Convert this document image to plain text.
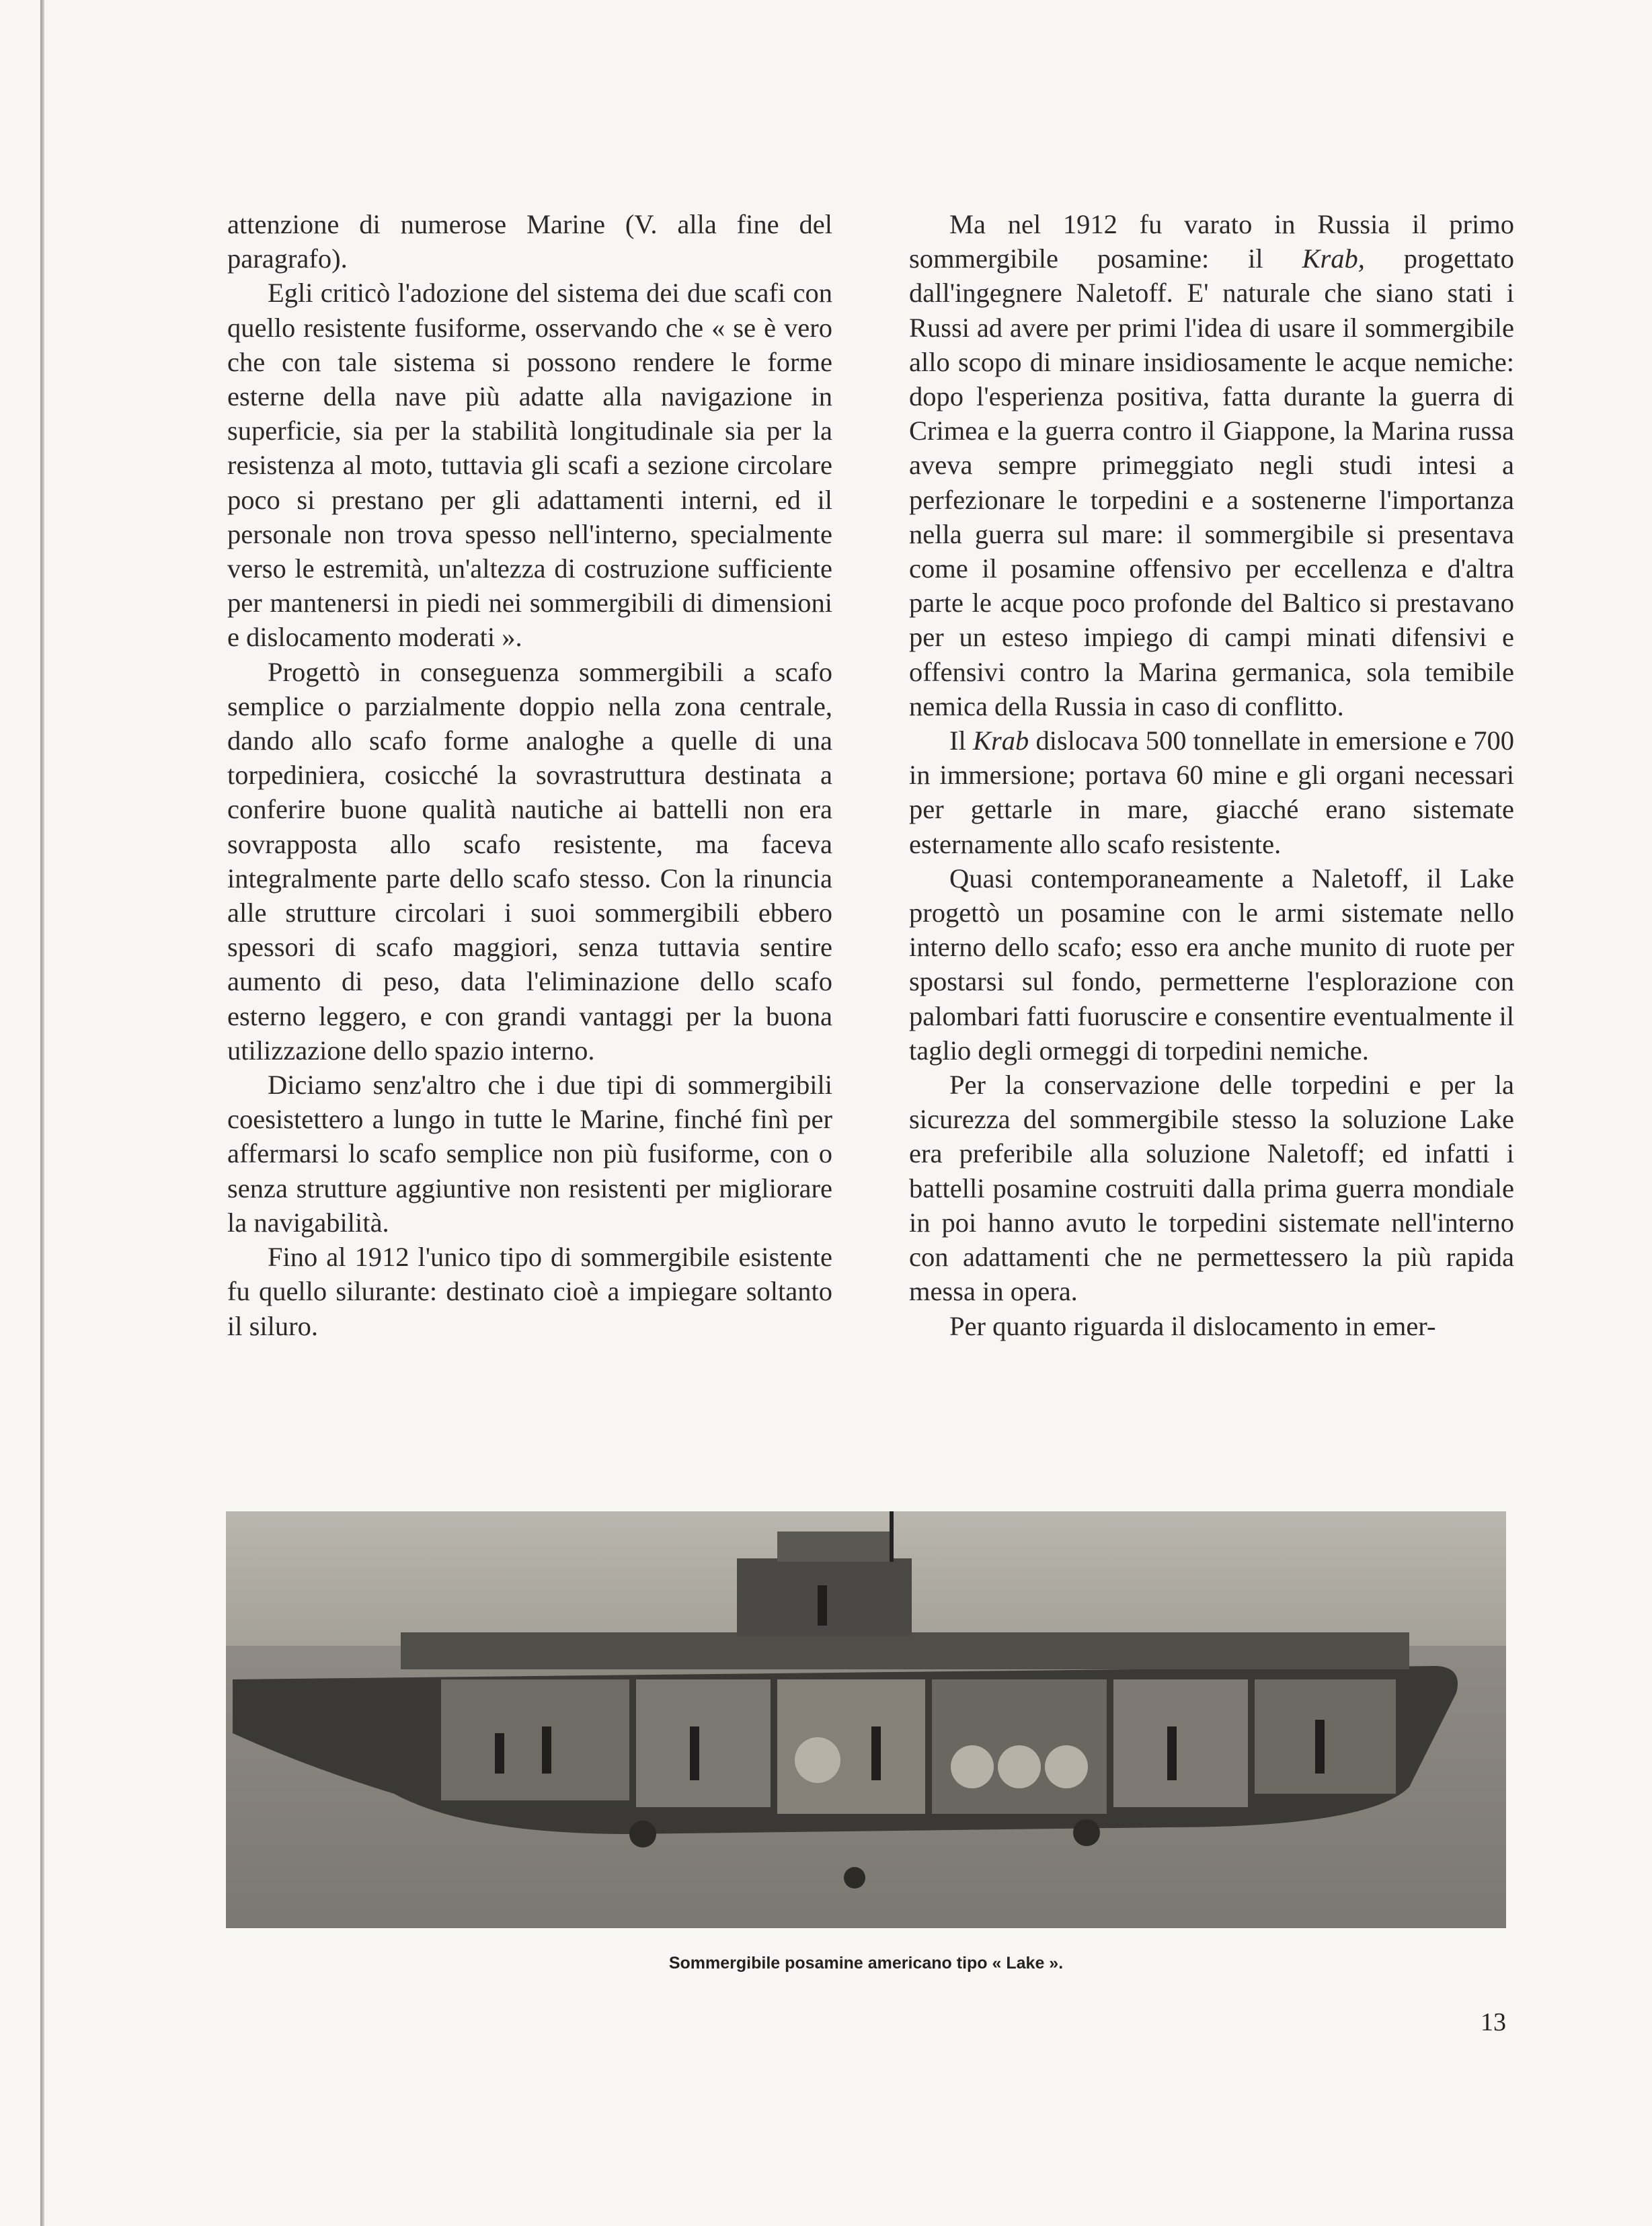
attenzione di numerose Marine (V. alla fine del paragrafo).

Egli criticò l'adozione del sistema dei due scafi con quello resistente fusiforme, osservando che « se è vero che con tale sistema si possono rendere le forme esterne della nave più adatte alla navigazione in superficie, sia per la stabilità longitudinale sia per la resistenza al moto, tuttavia gli scafi a sezione circolare poco si prestano per gli adattamenti interni, ed il personale non trova spesso nell'interno, specialmente verso le estremità, un'altezza di costruzione sufficiente per mantenersi in piedi nei sommergibili di dimensioni e dislocamento moderati ».

Progettò in conseguenza sommergibili a scafo semplice o parzialmente doppio nella zona centrale, dando allo scafo forme analoghe a quelle di una torpediniera, cosicché la sovrastruttura destinata a conferire buone qualità nautiche ai battelli non era sovrapposta allo scafo resistente, ma faceva integralmente parte dello scafo stesso. Con la rinuncia alle strutture circolari i suoi sommergibili ebbero spessori di scafo maggiori, senza tuttavia sentire aumento di peso, data l'eliminazione dello scafo esterno leggero, e con grandi vantaggi per la buona utilizzazione dello spazio interno.

Diciamo senz'altro che i due tipi di sommergibili coesistettero a lungo in tutte le Marine, finché finì per affermarsi lo scafo semplice non più fusiforme, con o senza strutture aggiuntive non resistenti per migliorare la navigabilità.

Fino al 1912 l'unico tipo di sommergibile esistente fu quello silurante: destinato cioè a impiegare soltanto il siluro.

Ma nel 1912 fu varato in Russia il primo sommergibile posamine: il Krab, progettato dall'ingegnere Naletoff. E' naturale che siano stati i Russi ad avere per primi l'idea di usare il sommergibile allo scopo di minare insidiosamente le acque nemiche: dopo l'esperienza positiva, fatta durante la guerra di Crimea e la guerra contro il Giappone, la Marina russa aveva sempre primeggiato negli studi intesi a perfezionare le torpedini e a sostenerne l'importanza nella guerra sul mare: il sommergibile si presentava come il posamine offensivo per eccellenza e d'altra parte le acque poco profonde del Baltico si prestavano per un esteso impiego di campi minati difensivi e offensivi contro la Marina germanica, sola temibile nemica della Russia in caso di conflitto.

Il Krab dislocava 500 tonnellate in emersione e 700 in immersione; portava 60 mine e gli organi necessari per gettarle in mare, giacché erano sistemate esternamente allo scafo resistente.

Quasi contemporaneamente a Naletoff, il Lake progettò un posamine con le armi sistemate nello interno dello scafo; esso era anche munito di ruote per spostarsi sul fondo, permetterne l'esplorazione con palombari fatti fuoruscire e consentire eventualmente il taglio degli ormeggi di torpedini nemiche.

Per la conservazione delle torpedini e per la sicurezza del sommergibile stesso la soluzione Lake era preferibile alla soluzione Naletoff; ed infatti i battelli posamine costruiti dalla prima guerra mondiale in poi hanno avuto le torpedini sistemate nell'interno con adattamenti che ne permettessero la più rapida messa in opera.

Per quanto riguarda il dislocamento in emer-

Sommergibile posamine americano tipo « Lake ».
13
